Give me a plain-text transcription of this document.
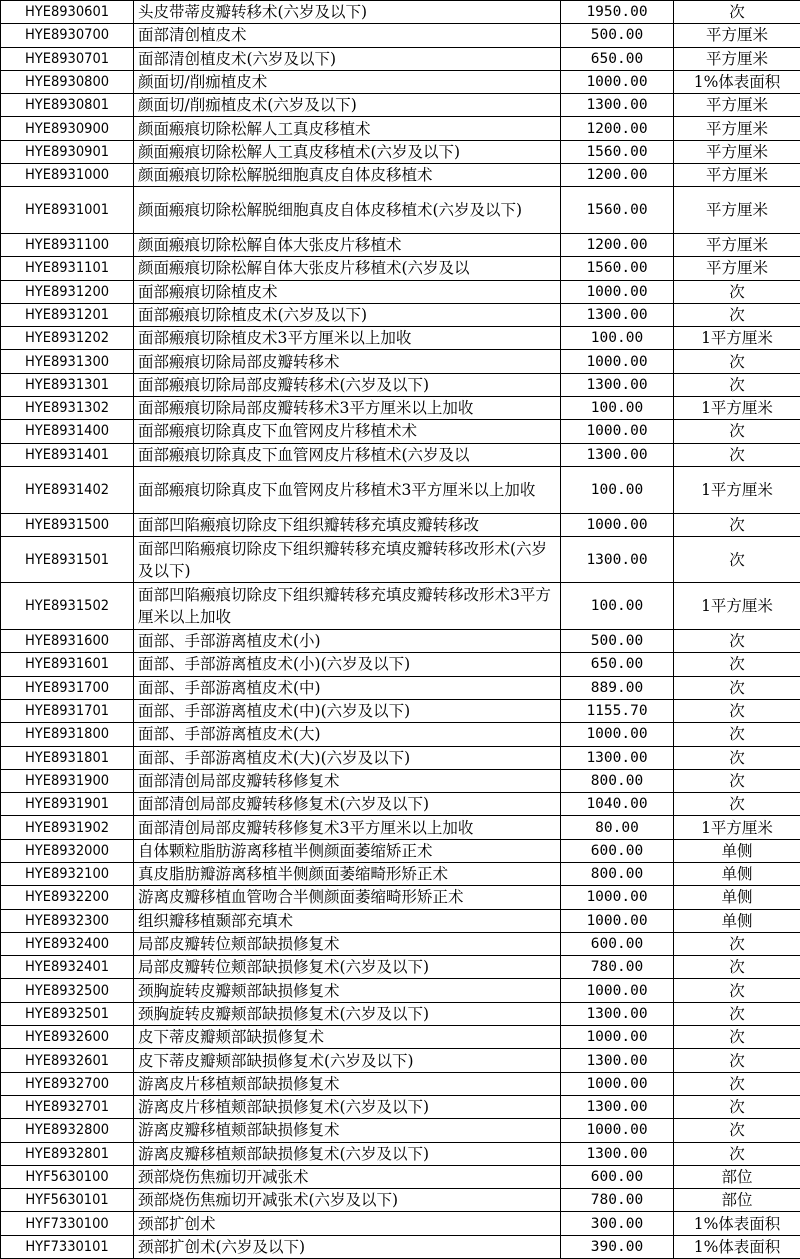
HYE8930601	头皮带蒂皮瓣转移术(六岁及以下)	1950.00	次
HYE8930700	面部清创植皮术	500.00	平方厘米
HYE8930701	面部清创植皮术(六岁及以下)	650.00	平方厘米
HYE8930800	颜面切/削痂植皮术	1000.00	1%体表面积
HYE8930801	颜面切/削痂植皮术(六岁及以下)	1300.00	平方厘米
HYE8930900	颜面瘢痕切除松解人工真皮移植术	1200.00	平方厘米
HYE8930901	颜面瘢痕切除松解人工真皮移植术(六岁及以下)	1560.00	平方厘米
HYE8931000	颜面瘢痕切除松解脱细胞真皮自体皮移植术	1200.00	平方厘米
HYE8931001	颜面瘢痕切除松解脱细胞真皮自体皮移植术(六岁及以下)	1560.00	平方厘米
HYE8931100	颜面瘢痕切除松解自体大张皮片移植术	1200.00	平方厘米
HYE8931101	颜面瘢痕切除松解自体大张皮片移植术(六岁及以	1560.00	平方厘米
HYE8931200	面部瘢痕切除植皮术	1000.00	次
HYE8931201	面部瘢痕切除植皮术(六岁及以下)	1300.00	次
HYE8931202	面部瘢痕切除植皮术3平方厘米以上加收	100.00	1平方厘米
HYE8931300	面部瘢痕切除局部皮瓣转移术	1000.00	次
HYE8931301	面部瘢痕切除局部皮瓣转移术(六岁及以下)	1300.00	次
HYE8931302	面部瘢痕切除局部皮瓣转移术3平方厘米以上加收	100.00	1平方厘米
HYE8931400	面部瘢痕切除真皮下血管网皮片移植术术	1000.00	次
HYE8931401	面部瘢痕切除真皮下血管网皮片移植术(六岁及以	1300.00	次
HYE8931402	面部瘢痕切除真皮下血管网皮片移植术3平方厘米以上加收	100.00	1平方厘米
HYE8931500	面部凹陷瘢痕切除皮下组织瓣转移充填皮瓣转移改	1000.00	次
HYE8931501	面部凹陷瘢痕切除皮下组织瓣转移充填皮瓣转移改形术(六岁及以下)	1300.00	次
HYE8931502	面部凹陷瘢痕切除皮下组织瓣转移充填皮瓣转移改形术3平方厘米以上加收	100.00	1平方厘米
HYE8931600	面部、手部游离植皮术(小)	500.00	次
HYE8931601	面部、手部游离植皮术(小)(六岁及以下)	650.00	次
HYE8931700	面部、手部游离植皮术(中)	889.00	次
HYE8931701	面部、手部游离植皮术(中)(六岁及以下)	1155.70	次
HYE8931800	面部、手部游离植皮术(大)	1000.00	次
HYE8931801	面部、手部游离植皮术(大)(六岁及以下)	1300.00	次
HYE8931900	面部清创局部皮瓣转移修复术	800.00	次
HYE8931901	面部清创局部皮瓣转移修复术(六岁及以下)	1040.00	次
HYE8931902	面部清创局部皮瓣转移修复术3平方厘米以上加收	80.00	1平方厘米
HYE8932000	自体颗粒脂肪游离移植半侧颜面萎缩矫正术	600.00	单侧
HYE8932100	真皮脂肪瓣游离移植半侧颜面萎缩畸形矫正术	800.00	单侧
HYE8932200	游离皮瓣移植血管吻合半侧颜面萎缩畸形矫正术	1000.00	单侧
HYE8932300	组织瓣移植颞部充填术	1000.00	单侧
HYE8932400	局部皮瓣转位颊部缺损修复术	600.00	次
HYE8932401	局部皮瓣转位颊部缺损修复术(六岁及以下)	780.00	次
HYE8932500	颈胸旋转皮瓣颊部缺损修复术	1000.00	次
HYE8932501	颈胸旋转皮瓣颊部缺损修复术(六岁及以下)	1300.00	次
HYE8932600	皮下蒂皮瓣颊部缺损修复术	1000.00	次
HYE8932601	皮下蒂皮瓣颊部缺损修复术(六岁及以下)	1300.00	次
HYE8932700	游离皮片移植颊部缺损修复术	1000.00	次
HYE8932701	游离皮片移植颊部缺损修复术(六岁及以下)	1300.00	次
HYE8932800	游离皮瓣移植颊部缺损修复术	1000.00	次
HYE8932801	游离皮瓣移植颊部缺损修复术(六岁及以下)	1300.00	次
HYF5630100	颈部烧伤焦痂切开减张术	600.00	部位
HYF5630101	颈部烧伤焦痂切开减张术(六岁及以下)	780.00	部位
HYF7330100	颈部扩创术	300.00	1%体表面积
HYF7330101	颈部扩创术(六岁及以下)	390.00	1%体表面积
